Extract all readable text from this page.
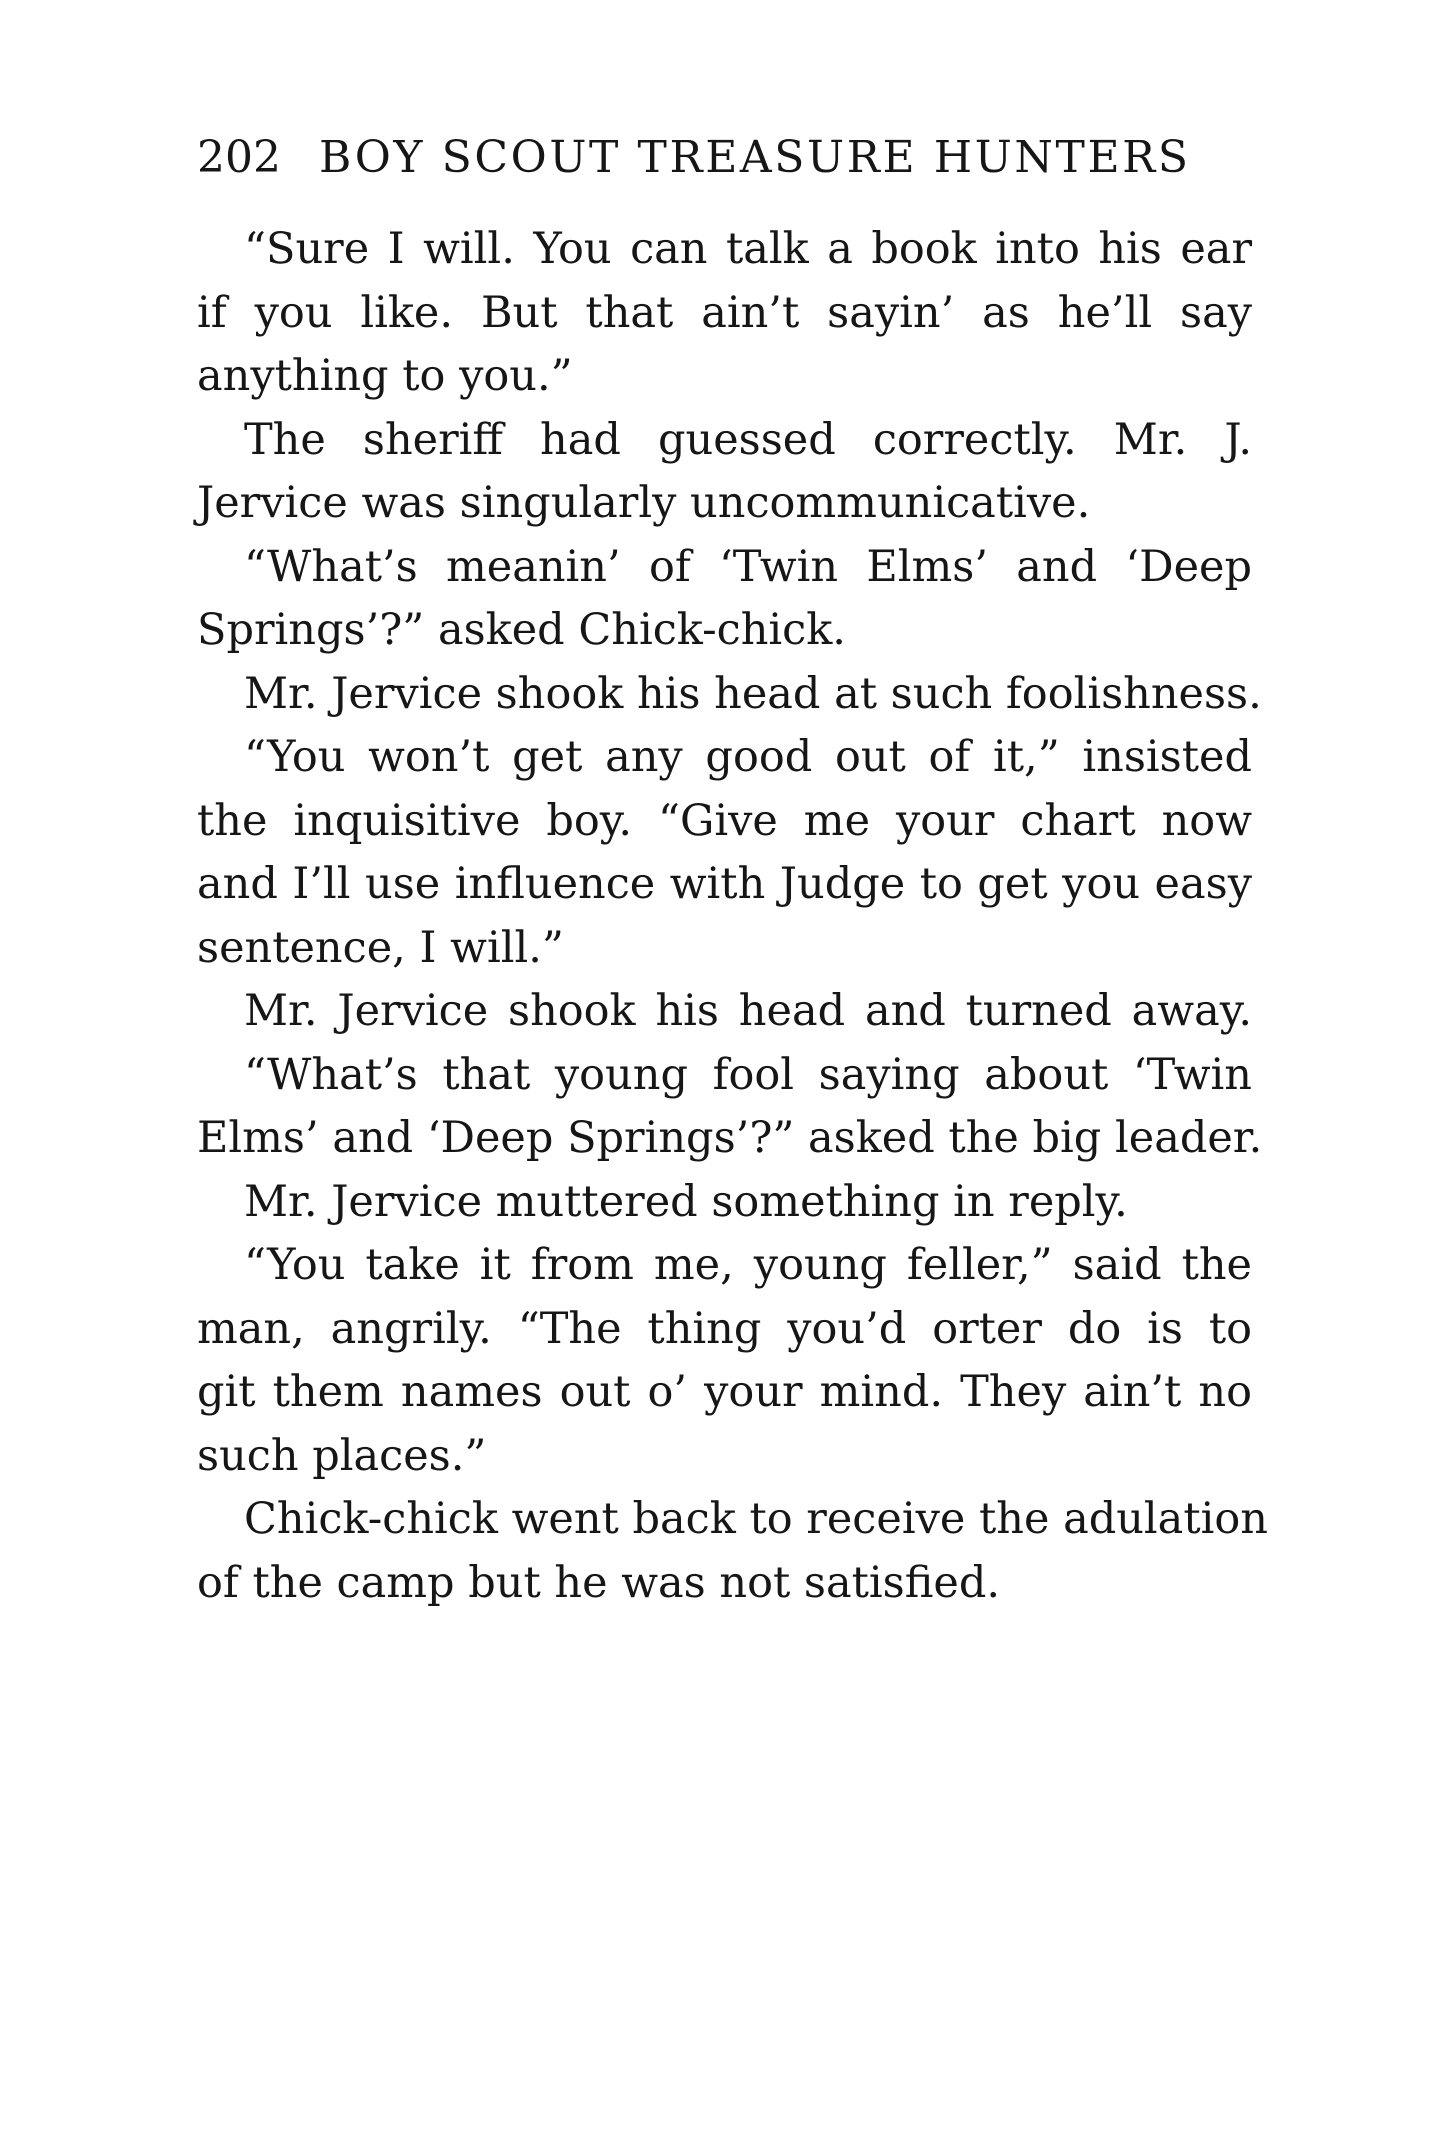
202 BOY SCOUT TREASURE HUNTERS
“Sure I will. You can talk a book into his ear
if you like. But that ain’t sayin’ as he’ll say
anything to you.”
The sheriff had guessed correctly. Mr. J.
Jervice was singularly uncommunicative.
“What’s meanin’ of ‘Twin Elms’ and ‘Deep
Springs’?” asked Chick-chick.
Mr. Jervice shook his head at such foolishness.
“You won’t get any good out of it,” insisted
the inquisitive boy. “Give me your chart now
and I’ll use influence with Judge to get you easy
sentence, I will.”
Mr. Jervice shook his head and turned away.
“What’s that young fool saying about ‘Twin
Elms’ and ‘Deep Springs’?” asked the big leader.
Mr. Jervice muttered something in reply.
“You take it from me, young feller,” said the
man, angrily. “The thing you’d orter do is to
git them names out o’ your mind. They ain’t no
such places.”
Chick-chick went back to receive the adulation
of the camp but he was not satisfied.
